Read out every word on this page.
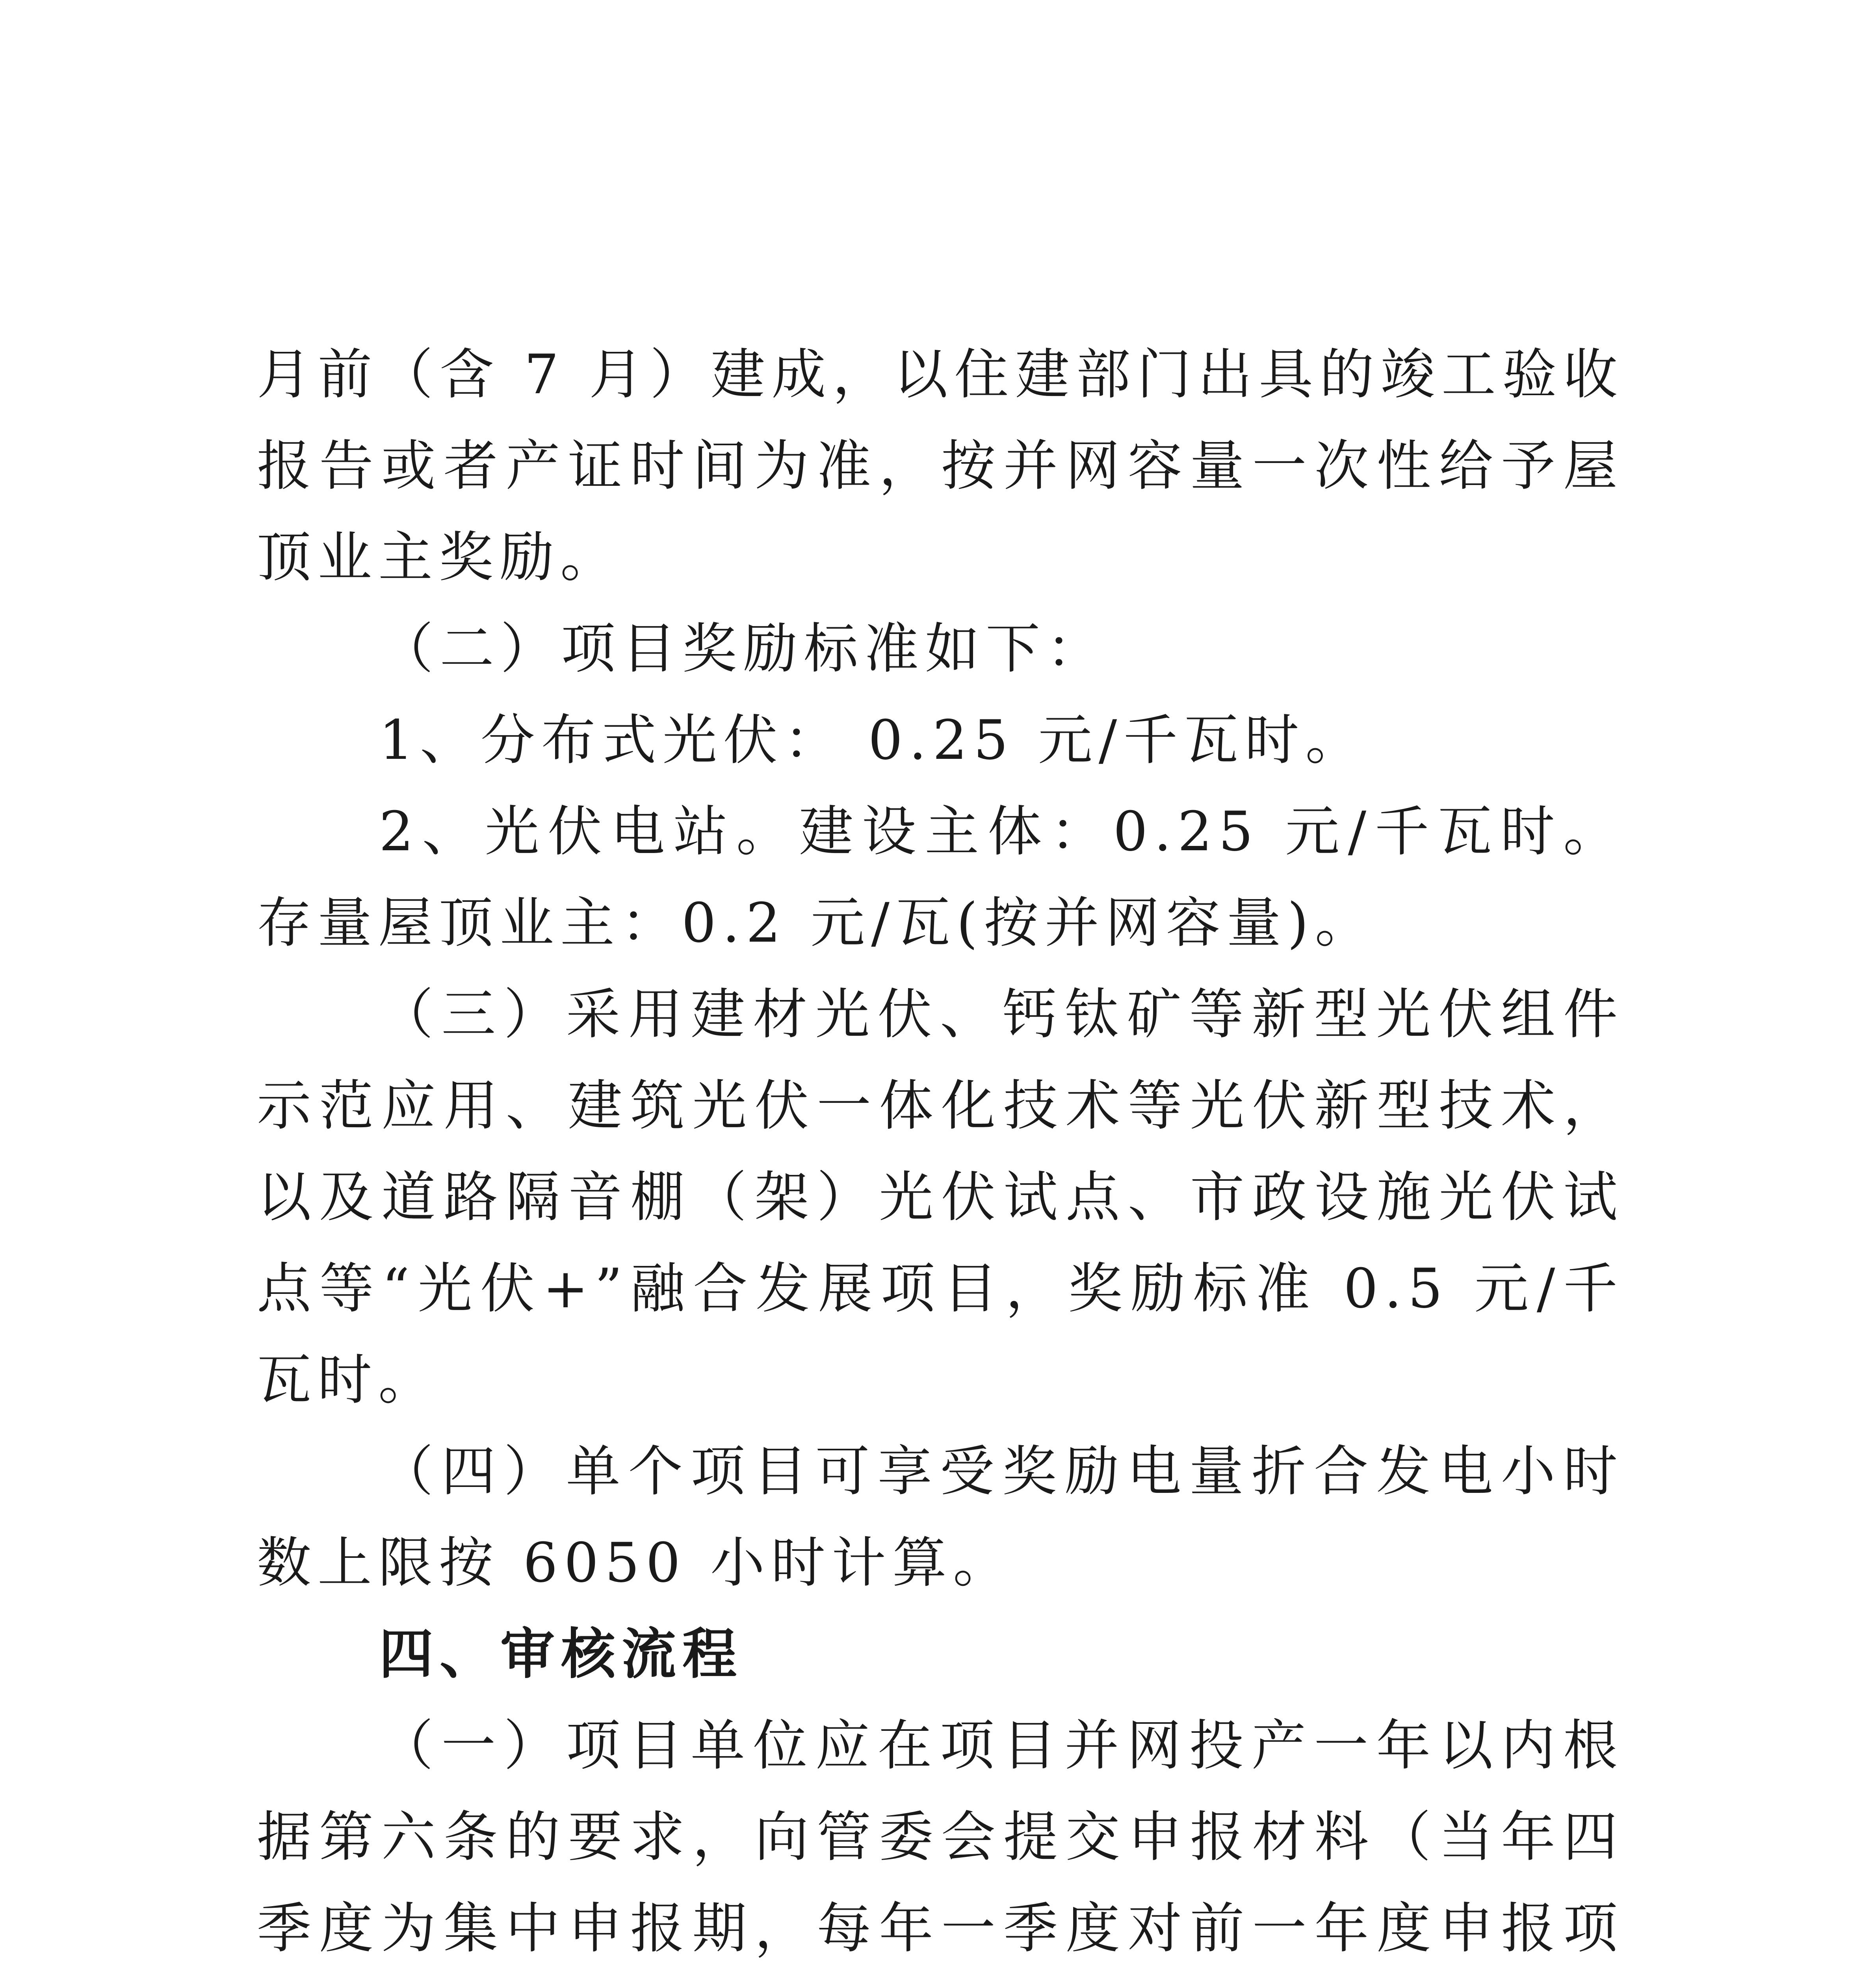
月前（含 7 月）建成，以住建部门出具的竣工验收报告或者产证时间为准，按并网容量一次性给予屋顶业主奖励。

（二）项目奖励标准如下：

1、分布式光伏： 0.25 元/千瓦时。

2、光伏电站。建设主体：0.25 元/千瓦时。存量屋顶业主：0.2 元/瓦(按并网容量)。

（三）采用建材光伏、钙钛矿等新型光伏组件示范应用、建筑光伏一体化技术等光伏新型技术，以及道路隔音棚（架）光伏试点、市政设施光伏试点等“光伏+”融合发展项目，奖励标准 0.5 元/千瓦时。

（四）单个项目可享受奖励电量折合发电小时数上限按 6050 小时计算。

四、审核流程

（一）项目单位应在项目并网投产一年以内根据第六条的要求，向管委会提交申报材料（当年四季度为集中申报期，每年一季度对前一年度申报项
